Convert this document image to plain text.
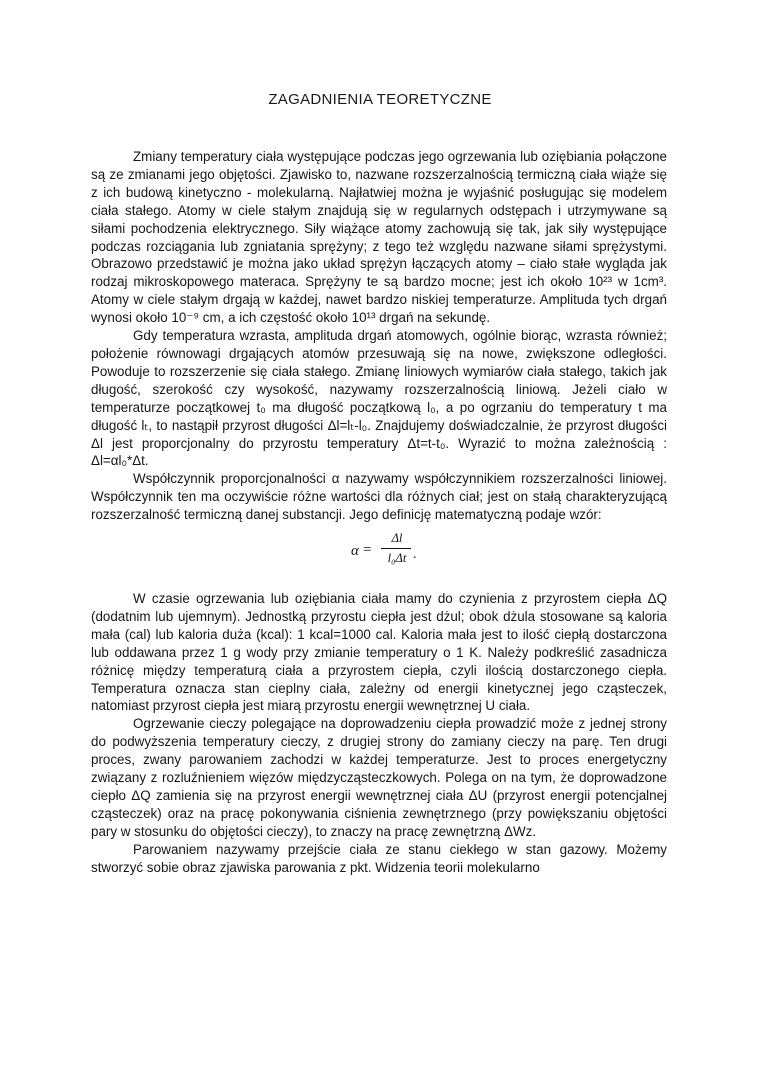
ZAGADNIENIA TEORETYCZNE

Zmiany temperatury ciała występujące podczas jego ogrzewania lub oziębiania połączone są ze zmianami jego objętości. Zjawisko to, nazwane rozszerzalnością termiczną ciała wiąże się z ich budową kinetyczno - molekularną. Najłatwiej można je wyjaśnić posługując się modelem ciała stałego. Atomy w ciele stałym znajdują się w regularnych odstępach i utrzymywane są siłami pochodzenia elektrycznego. Siły wiążące atomy zachowują się tak, jak siły występujące podczas rozciągania lub zgniatania sprężyny; z tego też względu nazwane siłami sprężystymi. Obrazowo przedstawić je można jako układ sprężyn łączących atomy – ciało stałe wygląda jak rodzaj mikroskopowego materaca. Sprężyny te są bardzo mocne; jest ich około 10²³ w 1cm³. Atomy w ciele stałym drgają w każdej, nawet bardzo niskiej temperaturze. Amplituda tych drgań wynosi około 10⁻⁹ cm, a ich częstość około 10¹³ drgań na sekundę.

Gdy temperatura wzrasta, amplituda drgań atomowych, ogólnie biorąc, wzrasta również; położenie równowagi drgających atomów przesuwają się na nowe, zwiększone odległości. Powoduje to rozszerzenie się ciała stałego. Zmianę liniowych wymiarów ciała stałego, takich jak długość, szerokość czy wysokość, nazywamy rozszerzalnością liniową. Jeżeli ciało w temperaturze początkowej t₀ ma długość początkową l₀, a po ogrzaniu do temperatury t ma długość lₜ, to nastąpił przyrost długości Δl=lₜ-l₀. Znajdujemy doświadczalnie, że przyrost długości Δl jest proporcjonalny do przyrostu temperatury Δt=t-t₀. Wyrazić to można zależnością : Δl=αl₀*Δt.

Współczynnik proporcjonalności α nazywamy współczynnikiem rozszerzalności liniowej. Współczynnik ten ma oczywiście różne wartości dla różnych ciał; jest on stałą charakteryzującą rozszerzalność termiczną danej substancji. Jego definicję matematyczną podaje wzór:

α =
Δl
l₀Δt .

W czasie ogrzewania lub oziębiania ciała mamy do czynienia z przyrostem ciepła ΔQ (dodatnim lub ujemnym). Jednostką przyrostu ciepła jest dżul; obok dżula stosowane są kaloria mała (cal) lub kaloria duża (kcal): 1 kcal=1000 cal. Kaloria mała jest to ilość ciepłą dostarczona lub oddawana przez 1 g wody przy zmianie temperatury o 1 K. Należy podkreślić zasadnicza różnicę między temperaturą ciała a przyrostem ciepła, czyli ilością dostarczonego ciepła. Temperatura oznacza stan cieplny ciała, zależny od energii kinetycznej jego cząsteczek, natomiast przyrost ciepła jest miarą przyrostu energii wewnętrznej U ciała.

Ogrzewanie cieczy polegające na doprowadzeniu ciepła prowadzić może z jednej strony do podwyższenia temperatury cieczy, z drugiej strony do zamiany cieczy na parę. Ten drugi proces, zwany parowaniem zachodzi w każdej temperaturze. Jest to proces energetyczny związany z rozluźnieniem więzów międzycząsteczkowych. Polega on na tym, że doprowadzone ciepło ΔQ zamienia się na przyrost energii wewnętrznej ciała ΔU (przyrost energii potencjalnej cząsteczek) oraz na pracę pokonywania ciśnienia zewnętrznego (przy powiększaniu objętości pary w stosunku do objętości cieczy), to znaczy na pracę zewnętrzną ΔWz.

Parowaniem nazywamy przejście ciała ze stanu ciekłego w stan gazowy. Możemy stworzyć sobie obraz zjawiska parowania z pkt. Widzenia teorii molekularno
